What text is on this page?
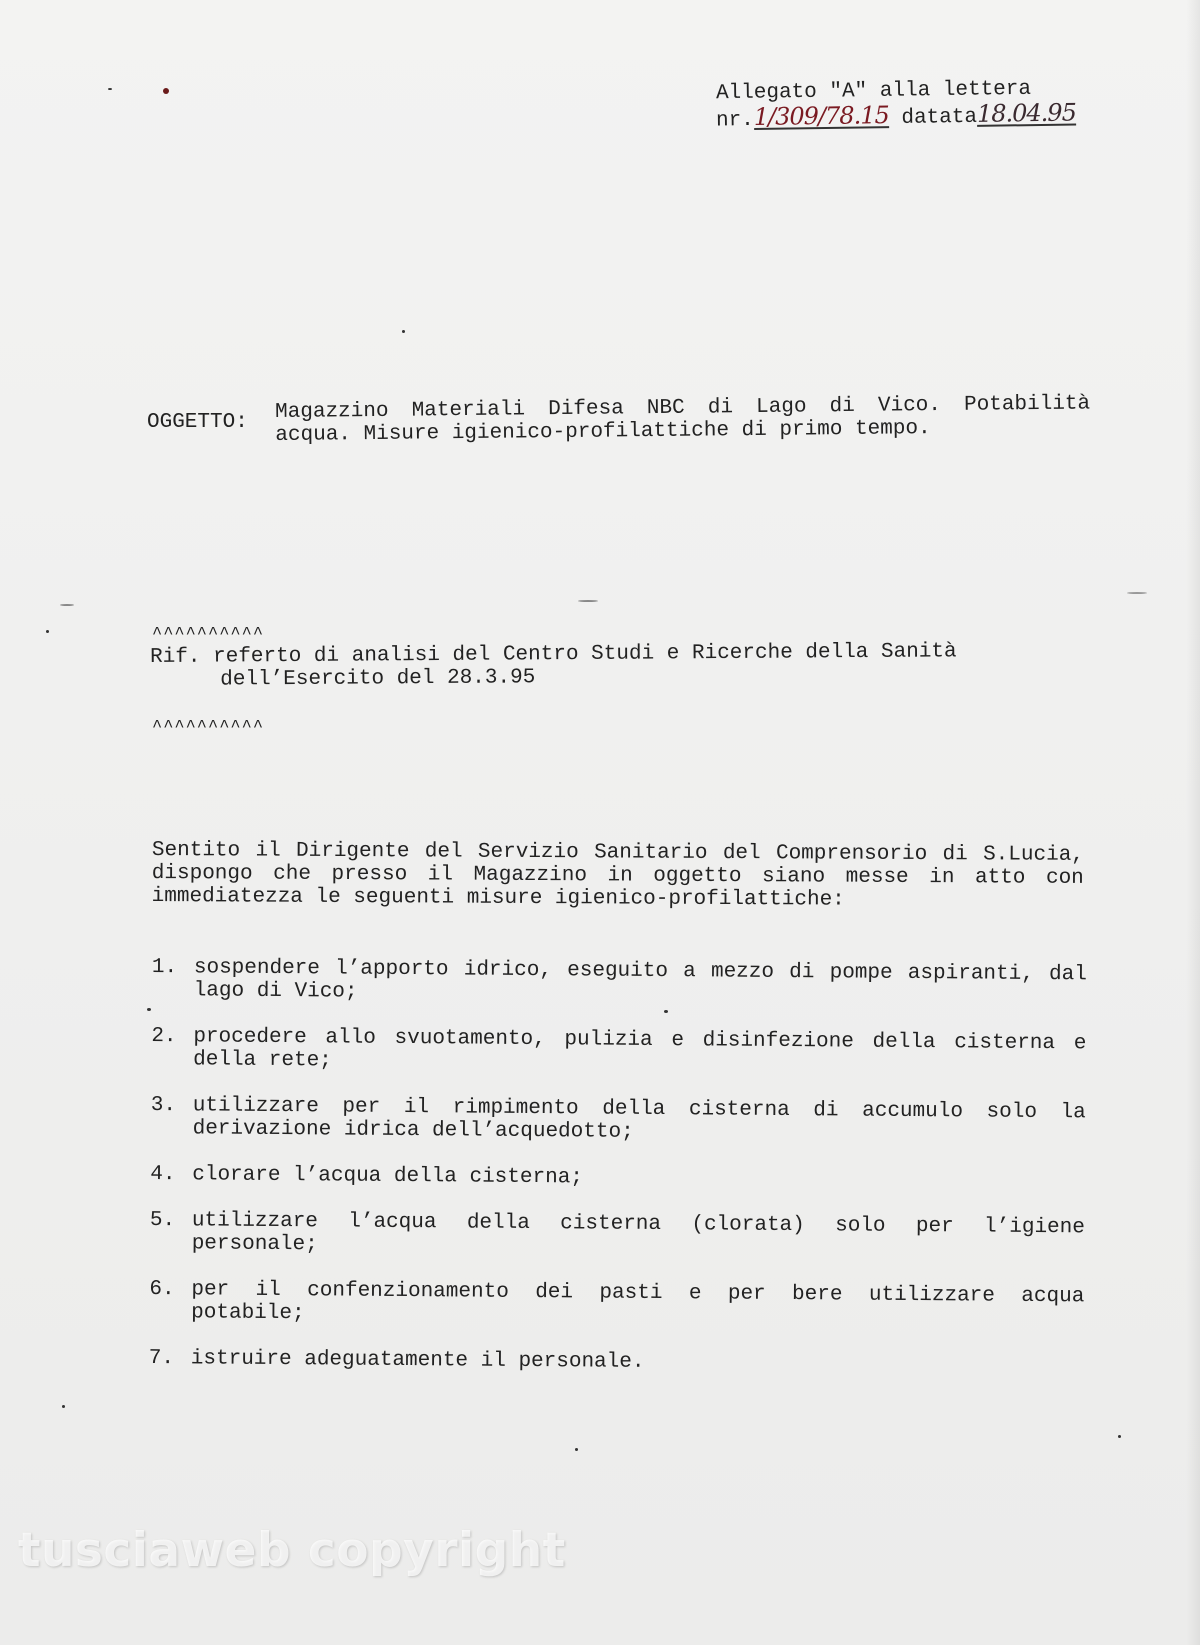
Allegato "A" alla lettera
nr.1/309/78.15 datata18.04.95
OGGETTO: Magazzino Materiali Difesa NBC di Lago di Vico. Potabilità acqua. Misure igienico-profilattiche di primo tempo.
^^^^^^^^^^
Rif. referto di analisi del Centro Studi e Ricerche della Sanità
dell’Esercito del 28.3.95
^^^^^^^^^^
Sentito il Dirigente del Servizio Sanitario del Comprensorio di S.Lucia, dispongo che presso il Magazzino in oggetto siano messe in atto con immediatezza le seguenti misure igienico-profilattiche:
1. sospendere l’apporto idrico, eseguito a mezzo di pompe aspiranti, dal lago di Vico;
2. procedere allo svuotamento, pulizia e disinfezione della cisterna e della rete;
3. utilizzare per il rimpimento della cisterna di accumulo solo la derivazione idrica dell’acquedotto;
4. clorare l’acqua della cisterna;
5. utilizzare l’acqua della cisterna (clorata) solo per l’igiene personale;
6. per il confenzionamento dei pasti e per bere utilizzare acqua potabile;
7. istruire adeguatamente il personale.
tusciaweb copyright
